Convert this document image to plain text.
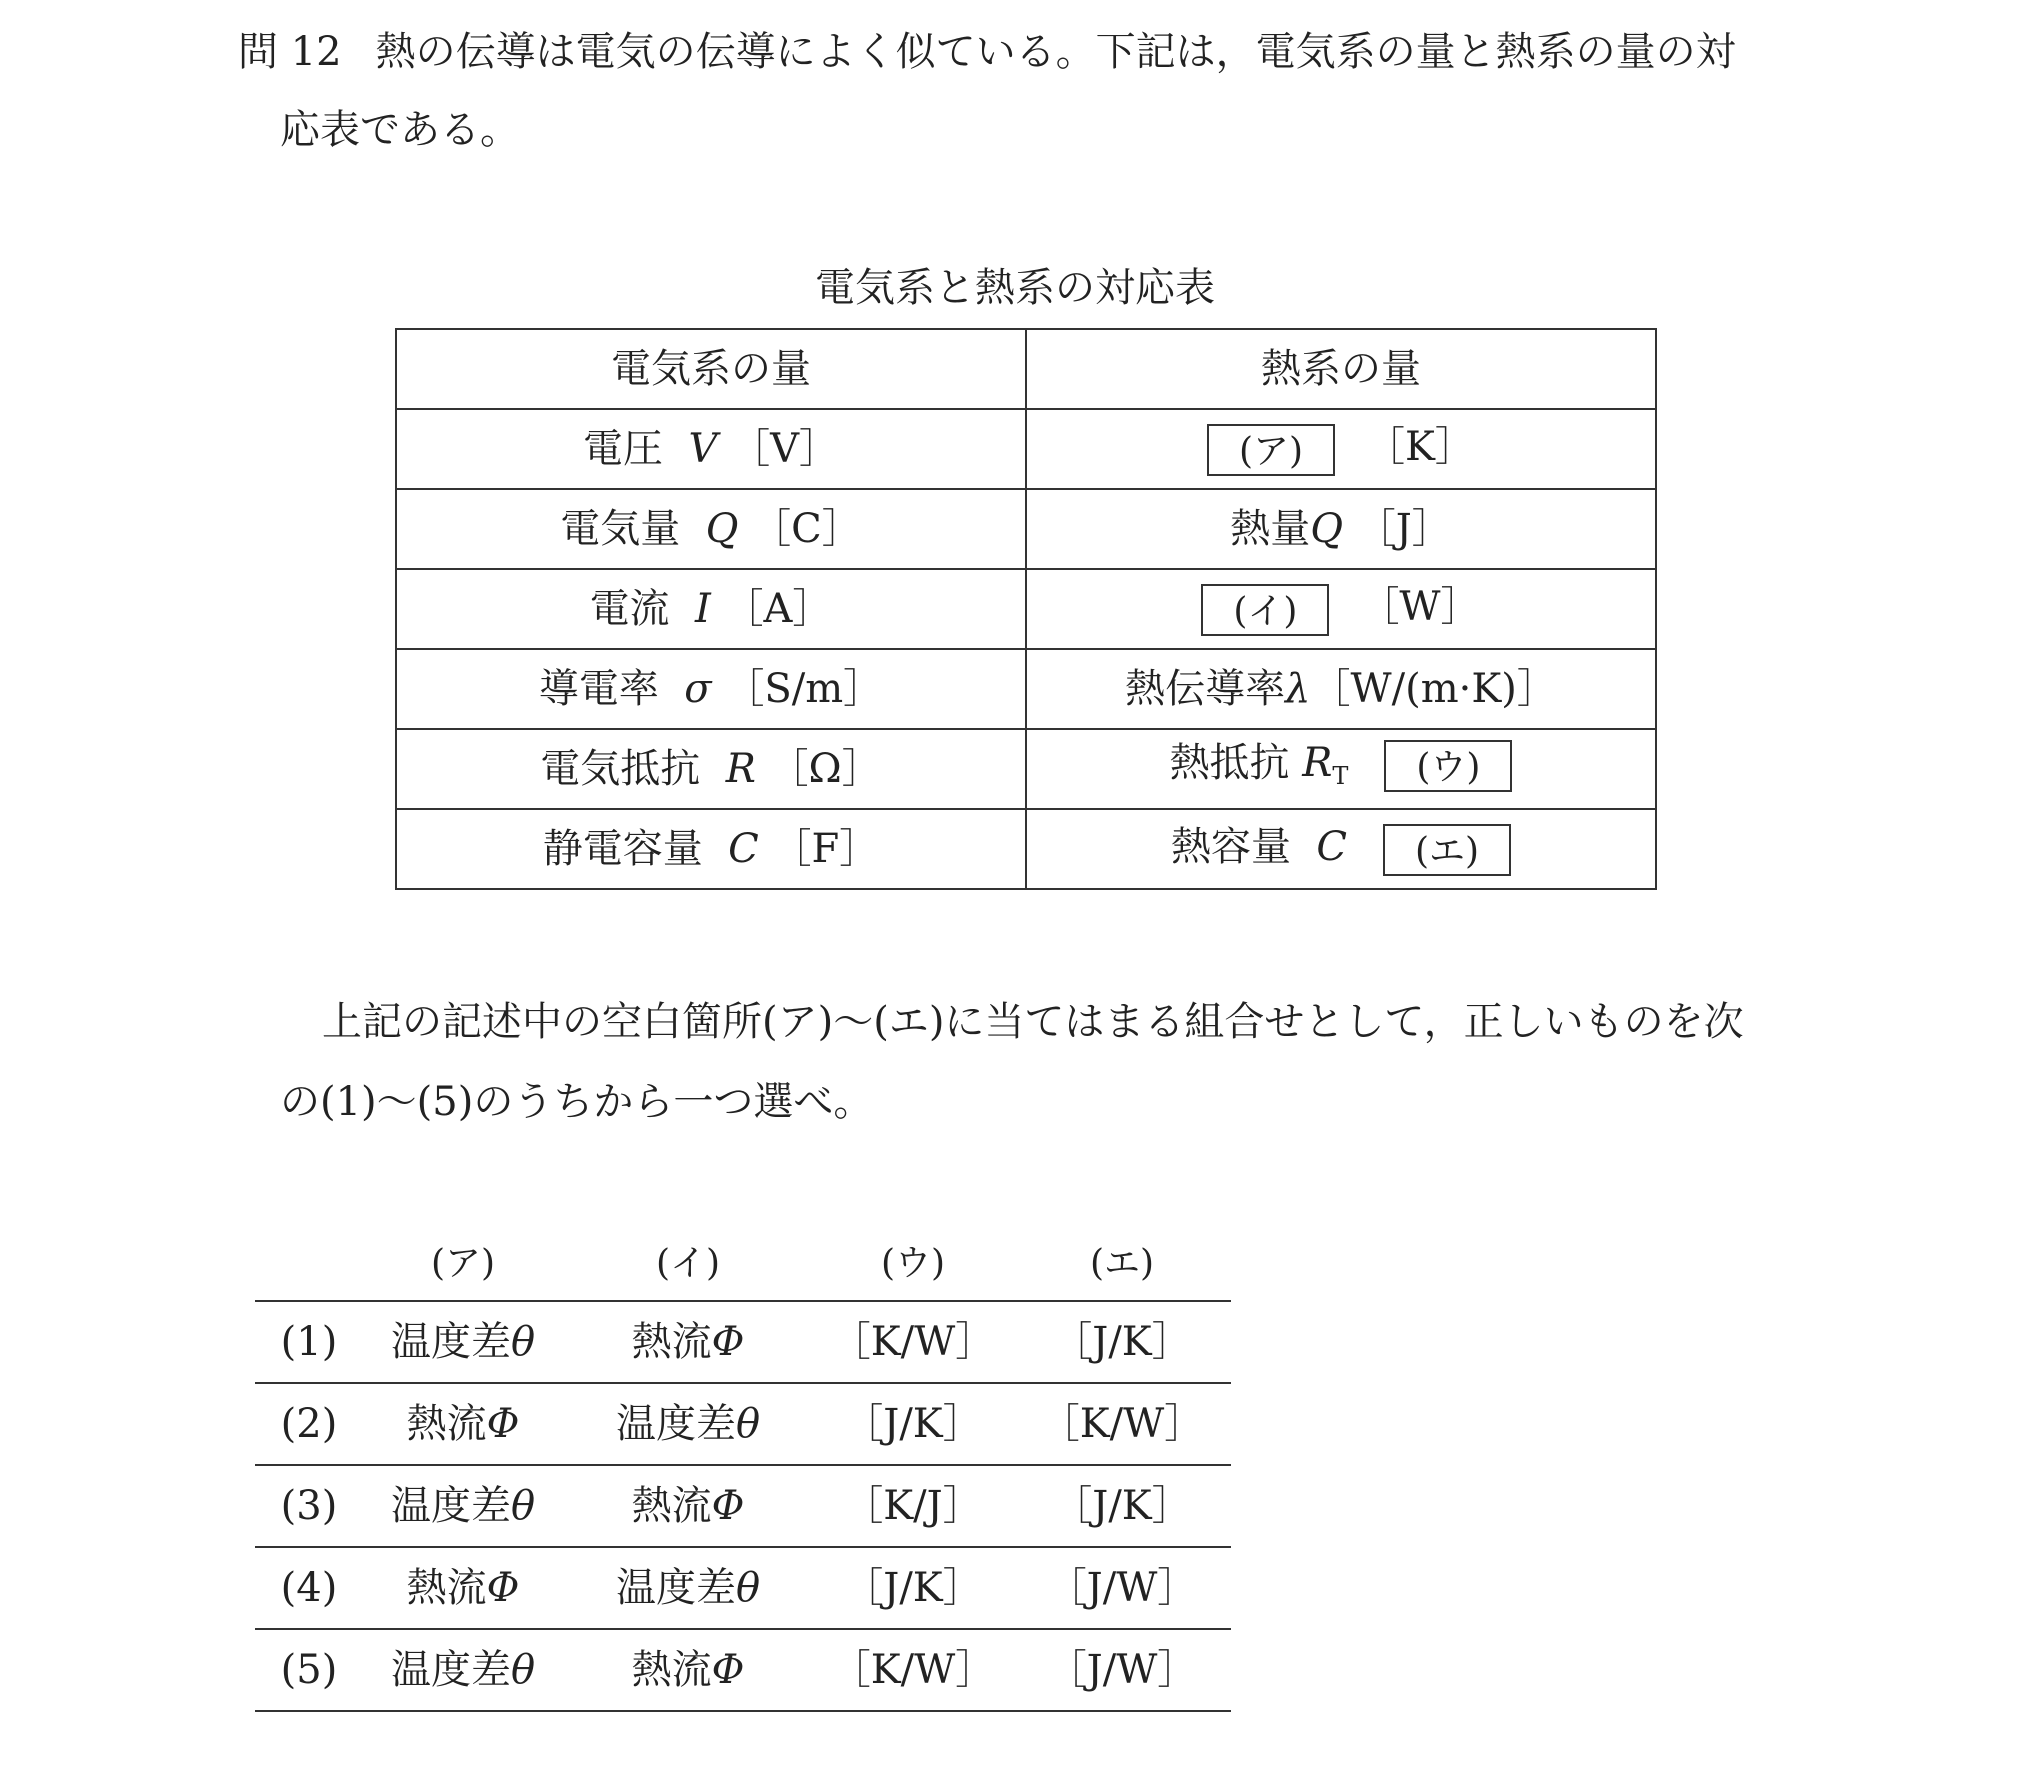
問 12 熱の伝導は電気の伝導によく似ている。下記は，電気系の量と熱系の量の対
応表である。
電気系と熱系の対応表
電気系の量	熱系の量
電圧 V ［V］	(ア) ［K］
電気量 Q ［C］	熱量Q ［J］
電流 I ［A］	(イ) ［W］
導電率 σ ［S/m］	熱伝導率λ［W/(m·K)］
電気抵抗 R ［Ω］	熱抵抗 $R_T$ (ウ)
静電容量 C ［F］	熱容量 C (エ)
上記の記述中の空白箇所(ア)～(エ)に当てはまる組合せとして，正しいものを次
の(1)～(5)のうちから一つ選べ。
	(ア)	(イ)	(ウ)	(エ)
(1)	温度差θ	熱流Φ	［K/W］	［J/K］
(2)	熱流Φ	温度差θ	［J/K］	［K/W］
(3)	温度差θ	熱流Φ	［K/J］	［J/K］
(4)	熱流Φ	温度差θ	［J/K］	［J/W］
(5)	温度差θ	熱流Φ	［K/W］	［J/W］
